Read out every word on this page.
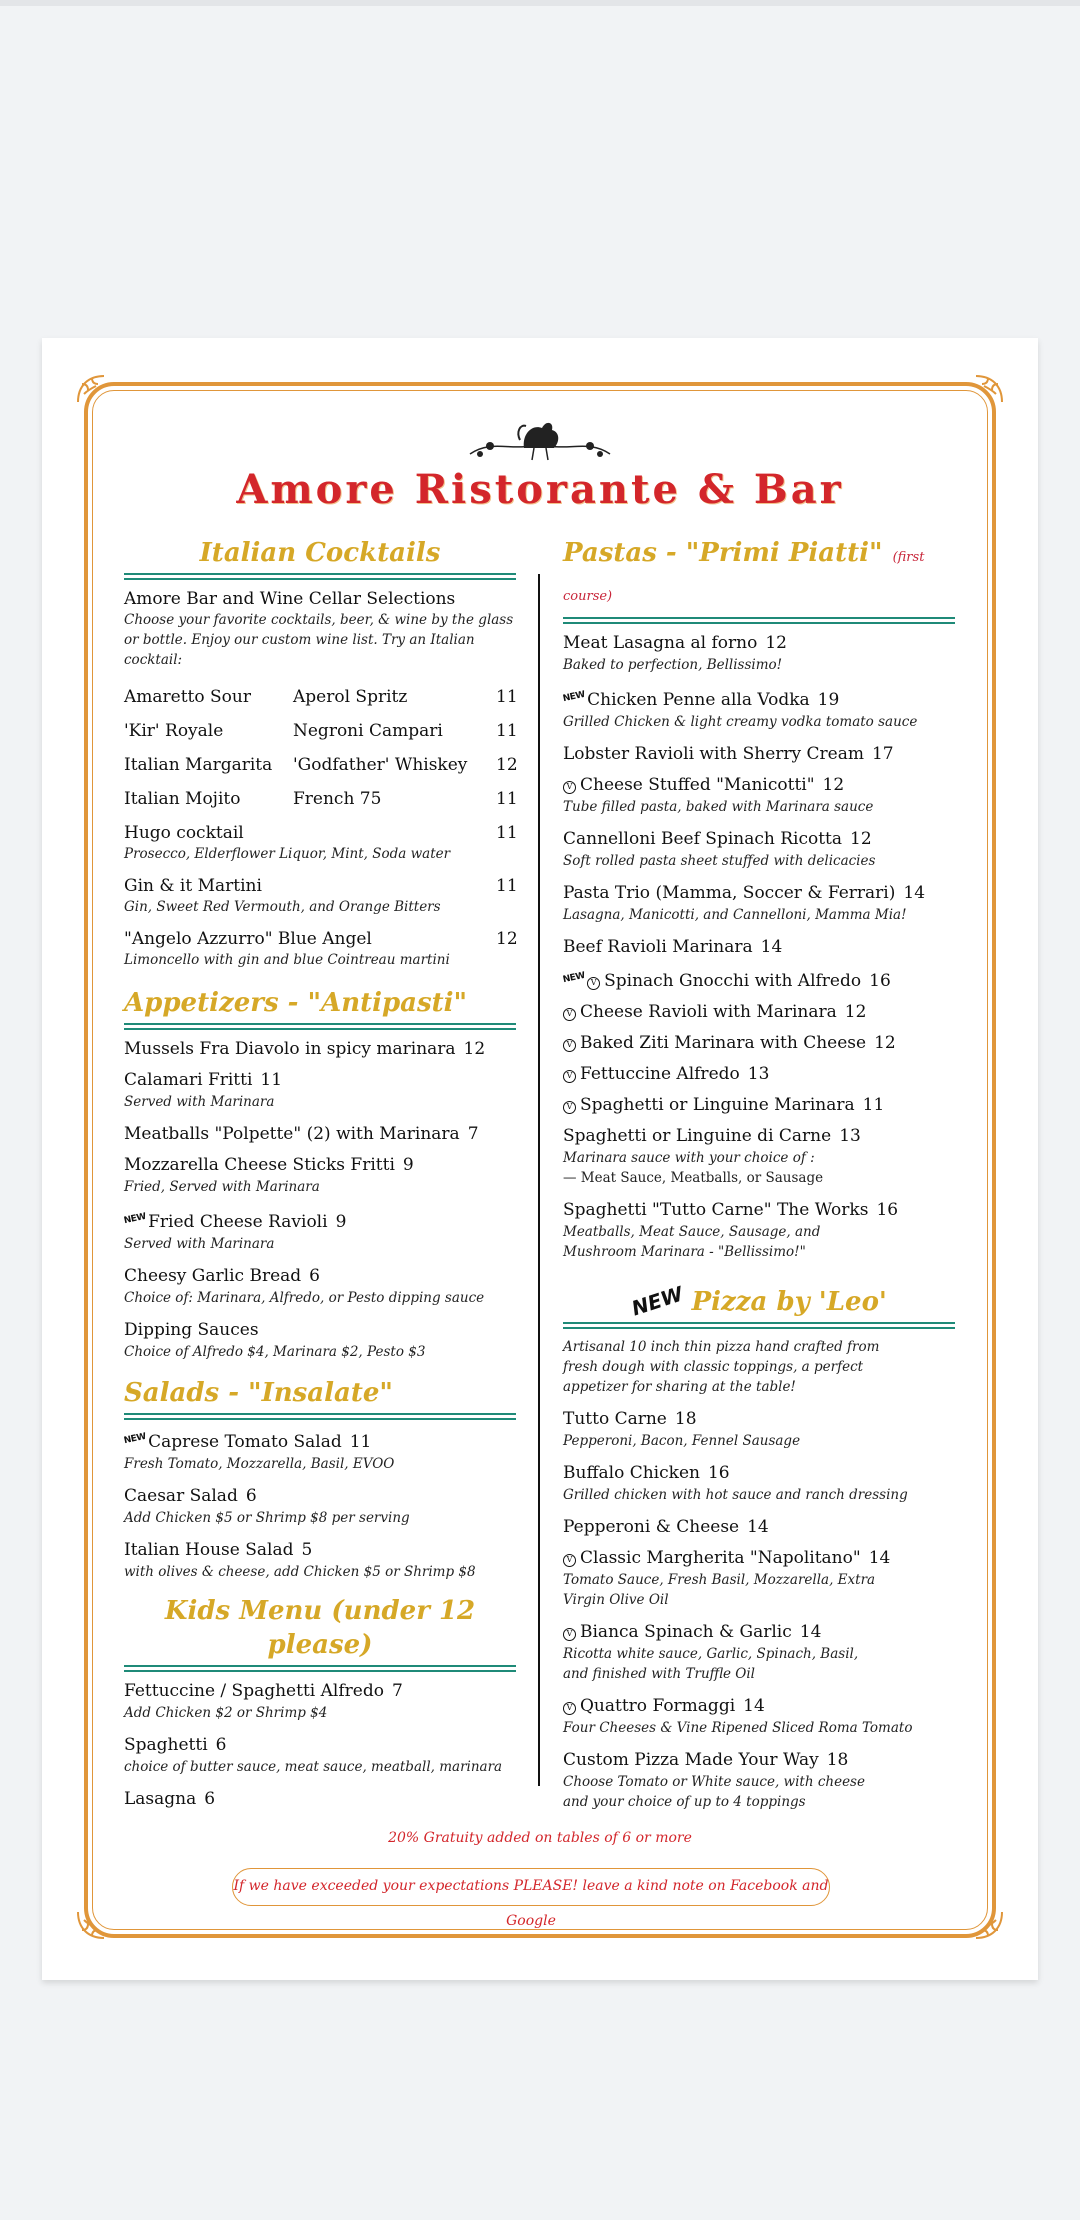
Amore Ristorante & Bar
Italian Cocktails
Amore Bar and Wine Cellar Selections
Choose your favorite cocktails, beer, & wine by the glass or bottle. Enjoy our custom wine list. Try an Italian cocktail:
Amaretto Sour	Aperol Spritz	11
'Kir' Royale	Negroni Campari	11
Italian Margarita	'Godfather' Whiskey	12
Italian Mojito	French 75	11
Hugo cocktail	11
Prosecco, Elderflower Liquor, Mint, Soda water
Gin & it Martini	11
Gin, Sweet Red Vermouth, and Orange Bitters
"Angelo Azzurro" Blue Angel	12
Limoncello with gin and blue Cointreau martini
Appetizers - "Antipasti"
Mussels Fra Diavolo in spicy marinara 12
Calamari Fritti 11
Served with Marinara
Meatballs "Polpette" (2) with Marinara 7
Mozzarella Cheese Sticks Fritti 9
Fried, Served with Marinara
NEWFried Cheese Ravioli 9
Served with Marinara
Cheesy Garlic Bread 6
Choice of: Marinara, Alfredo, or Pesto dipping sauce
Dipping Sauces
Choice of Alfredo $4, Marinara $2, Pesto $3
Salads - "Insalate"
NEWCaprese Tomato Salad 11
Fresh Tomato, Mozzarella, Basil, EVOO
Caesar Salad 6
Add Chicken $5 or Shrimp $8 per serving
Italian House Salad 5
with olives & cheese, add Chicken $5 or Shrimp $8
Kids Menu (under 12 please)
Fettuccine / Spaghetti Alfredo 7
Add Chicken $2 or Shrimp $4
Spaghetti 6
choice of butter sauce, meat sauce, meatball, marinara
Lasagna 6
Pastas - "Primi Piatti" (first course)
Meat Lasagna al forno 12
Baked to perfection, Bellissimo!
NEWChicken Penne alla Vodka 19
Grilled Chicken & light creamy vodka tomato sauce
Lobster Ravioli with Sherry Cream 17
V Cheese Stuffed "Manicotti" 12
Tube filled pasta, baked with Marinara sauce
Cannelloni Beef Spinach Ricotta 12
Soft rolled pasta sheet stuffed with delicacies
Pasta Trio (Mamma, Soccer & Ferrari) 14
Lasagna, Manicotti, and Cannelloni, Mamma Mia!
Beef Ravioli Marinara 14
NEW V Spinach Gnocchi with Alfredo 16
V Cheese Ravioli with Marinara 12
V Baked Ziti Marinara with Cheese 12
V Fettuccine Alfredo 13
V Spaghetti or Linguine Marinara 11
Spaghetti or Linguine di Carne 13
Marinara sauce with your choice of :
— Meat Sauce, Meatballs, or Sausage
Spaghetti "Tutto Carne" The Works 16
Meatballs, Meat Sauce, Sausage, and Mushroom Marinara - "Bellissimo!"
NEW Pizza by 'Leo'
Artisanal 10 inch thin pizza hand crafted from fresh dough with classic toppings, a perfect appetizer for sharing at the table!
Tutto Carne 18
Pepperoni, Bacon, Fennel Sausage
Buffalo Chicken 16
Grilled chicken with hot sauce and ranch dressing
Pepperoni & Cheese 14
V Classic Margherita "Napolitano" 14
Tomato Sauce, Fresh Basil, Mozzarella, Extra Virgin Olive Oil
V Bianca Spinach & Garlic 14
Ricotta white sauce, Garlic, Spinach, Basil, and finished with Truffle Oil
V Quattro Formaggi 14
Four Cheeses & Vine Ripened Sliced Roma Tomato
Custom Pizza Made Your Way 18
Choose Tomato or White sauce, with cheese and your choice of up to 4 toppings
20% Gratuity added on tables of 6 or more
If we have exceeded your expectations PLEASE! leave a kind note on Facebook and Google
